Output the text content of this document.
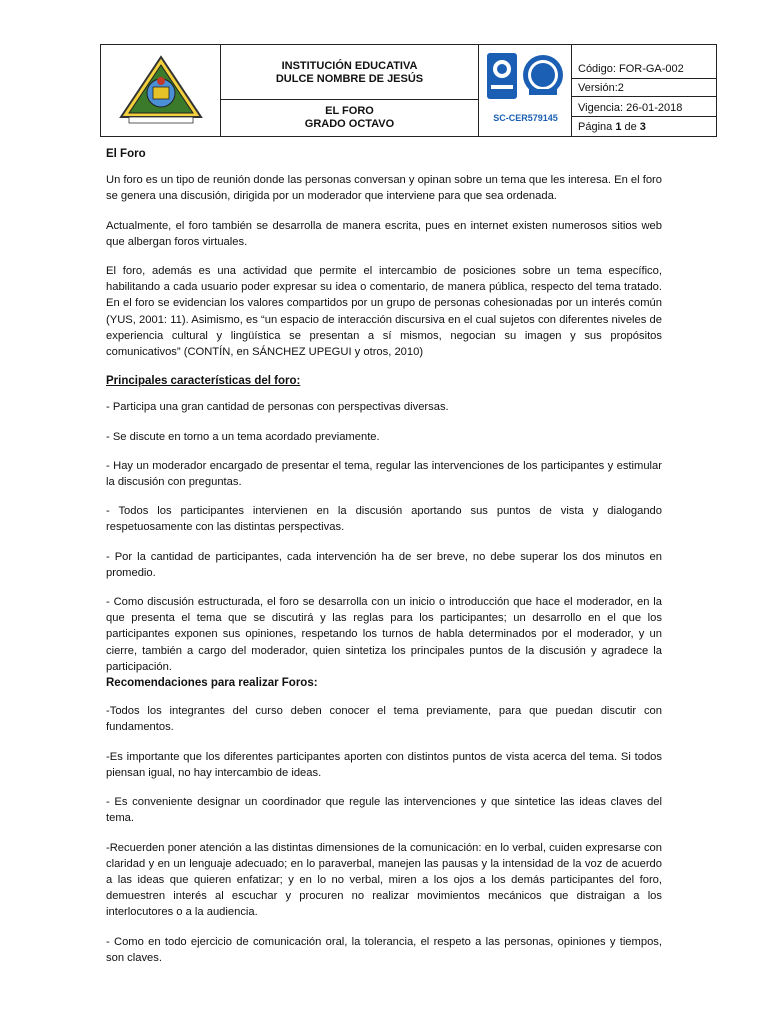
INSTITUCIÓN EDUCATIVA
DULCE NOMBRE DE JESÚS
EL FORO
GRADO OCTAVO	SC-CER579145
Código: FOR-GA-002
Versión:2
Vigencia: 26-01-2018
Página 1 de 3
El Foro

Un foro es un tipo de reunión donde las personas conversan y opinan sobre un tema que les interesa. En el foro se genera una discusión, dirigida por un moderador que interviene para que sea ordenada.

Actualmente, el foro también se desarrolla de manera escrita, pues en internet existen numerosos sitios web que albergan foros virtuales.

El foro, además es una actividad que permite el intercambio de posiciones sobre un tema específico, habilitando a cada usuario poder expresar su idea o comentario, de manera pública, respecto del tema tratado. En el foro se evidencian los valores compartidos por un grupo de personas cohesionadas por un interés común (YUS, 2001: 11). Asimismo, es “un espacio de interacción discursiva en el cual sujetos con diferentes niveles de experiencia cultural y lingüística se presentan a sí mismos, negocian su imagen y sus propósitos comunicativos” (CONTÍN, en SÁNCHEZ UPEGUI y otros, 2010)

Principales características del foro:

- Participa una gran cantidad de personas con perspectivas diversas.

- Se discute en torno a un tema acordado previamente.

- Hay un moderador encargado de presentar el tema, regular las intervenciones de los participantes y estimular la discusión con preguntas.

- Todos los participantes intervienen en la discusión aportando sus puntos de vista y dialogando respetuosamente con las distintas perspectivas.

- Por la cantidad de participantes, cada intervención ha de ser breve, no debe superar los dos minutos en promedio.

- Como discusión estructurada, el foro se desarrolla con un inicio o introducción que hace el moderador, en la que presenta el tema que se discutirá y las reglas para los participantes; un desarrollo en el que los participantes exponen sus opiniones, respetando los turnos de habla determinados por el moderador, y un cierre, también a cargo del moderador, quien sintetiza los principales puntos de la discusión y agradece la participación.

Recomendaciones para realizar Foros:

-Todos los integrantes del curso deben conocer el tema previamente, para que puedan discutir con fundamentos.

-Es importante que los diferentes participantes aporten con distintos puntos de vista acerca del tema. Si todos piensan igual, no hay intercambio de ideas.

- Es conveniente designar un coordinador que regule las intervenciones y que sintetice las ideas claves del tema.

-Recuerden poner atención a las distintas dimensiones de la comunicación: en lo verbal, cuiden expresarse con claridad y en un lenguaje adecuado; en lo paraverbal, manejen las pausas y la intensidad de la voz de acuerdo a las ideas que quieren enfatizar; y en lo no verbal, miren a los ojos a los demás participantes del foro, demuestren interés al escuchar y procuren no realizar movimientos mecánicos que distraigan a los interlocutores o a la audiencia.

- Como en todo ejercicio de comunicación oral, la tolerancia, el respeto a las personas, opiniones y tiempos, son claves.
